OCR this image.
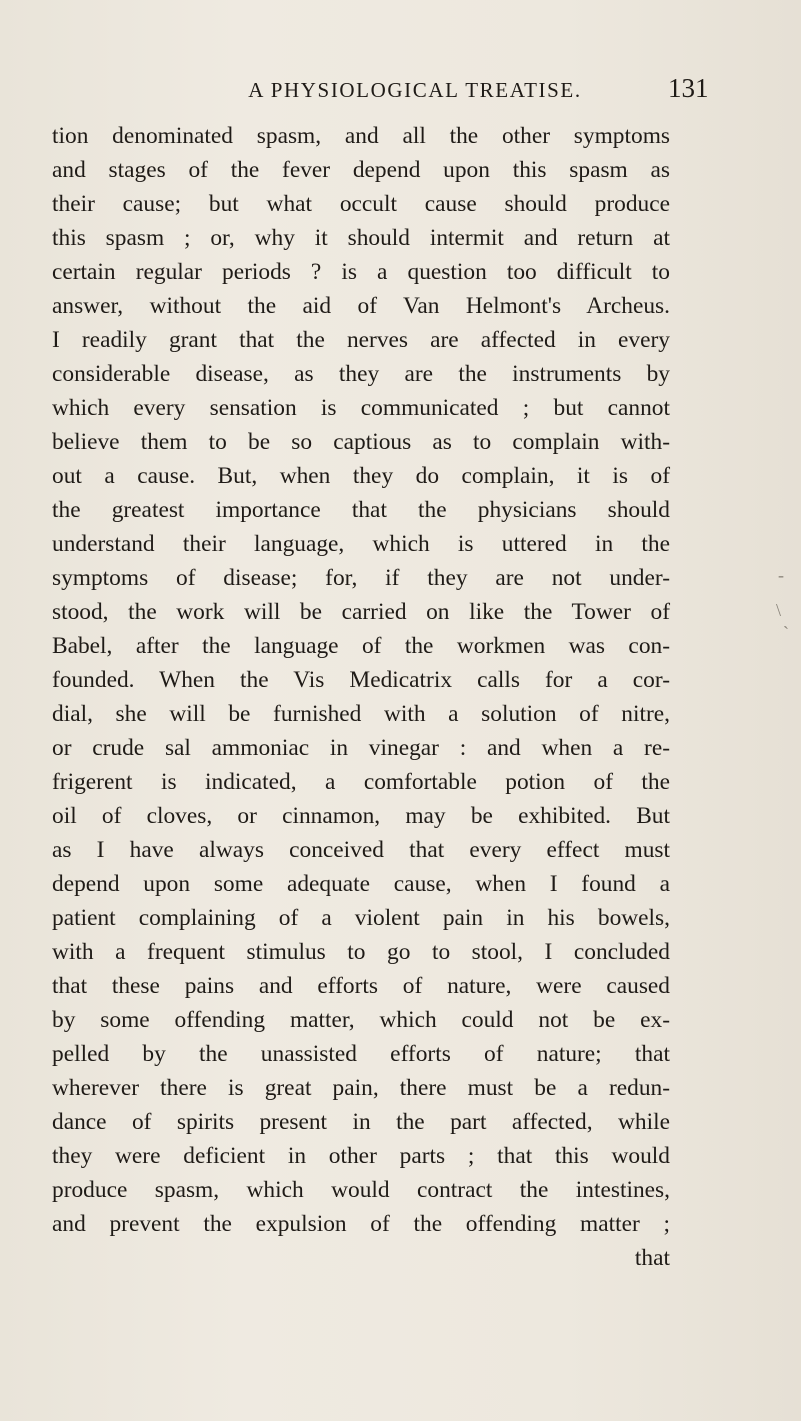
A PHYSIOLOGICAL TREATISE.	131
tion denominated spasm, and all the other symptoms
and stages of the fever depend upon this spasm as
their cause; but what occult cause should produce
this spasm ; or, why it should intermit and return at
certain regular periods ? is a question too difficult to
answer, without the aid of Van Helmont's Archeus.
I readily grant that the nerves are affected in every
considerable disease, as they are the instruments by
which every sensation is communicated ; but cannot
believe them to be so captious as to complain with-
out a cause. But, when they do complain, it is of
the greatest importance that the physicians should
understand their language, which is uttered in the
symptoms of disease; for, if they are not under-
stood, the work will be carried on like the Tower of
Babel, after the language of the workmen was con-
founded. When the Vis Medicatrix calls for a cor-
dial, she will be furnished with a solution of nitre,
or crude sal ammoniac in vinegar : and when a re-
frigerent is indicated, a comfortable potion of the
oil of cloves, or cinnamon, may be exhibited. But
as I have always conceived that every effect must
depend upon some adequate cause, when I found a
patient complaining of a violent pain in his bowels,
with a frequent stimulus to go to stool, I concluded
that these pains and efforts of nature, were caused
by some offending matter, which could not be ex-
pelled by the unassisted efforts of nature; that
wherever there is great pain, there must be a redun-
dance of spirits present in the part affected, while
they were deficient in other parts ; that this would
produce spasm, which would contract the intestines,
and prevent the expulsion of the offending matter ;
that
\
`
-
